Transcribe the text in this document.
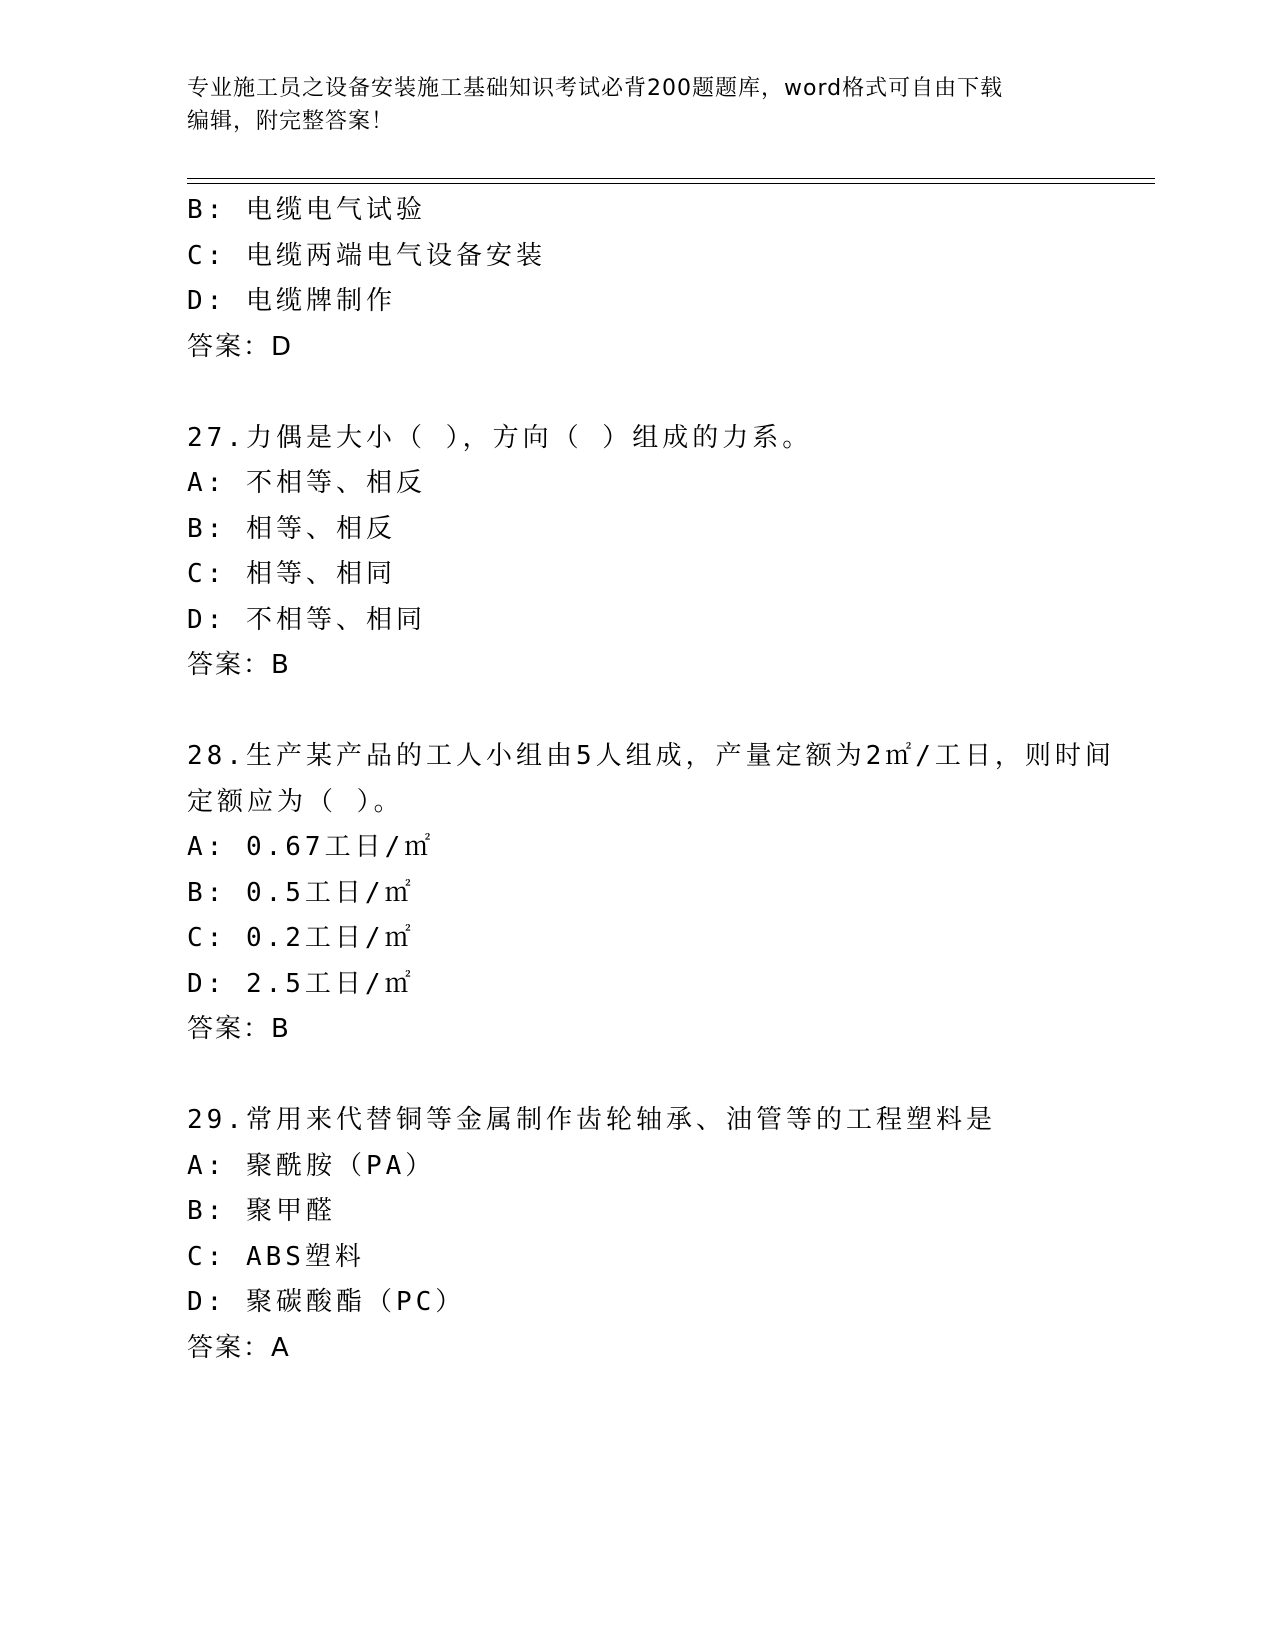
专业施工员之设备安装施工基础知识考试必背200题题库，word格式可自由下载
编辑，附完整答案！
B: 电缆电气试验
C: 电缆两端电气设备安装
D: 电缆牌制作
答案：D
27.力偶是大小（ ），方向（ ）组成的力系。
A: 不相等、相反
B: 相等、相反
C: 相等、相同
D: 不相等、相同
答案：B
28.生产某产品的工人小组由5人组成，产量定额为2㎡/工日，则时间
定额应为（ ）。
A: 0.67工日/㎡
B: 0.5工日/㎡
C: 0.2工日/㎡
D: 2.5工日/㎡
答案：B
29.常用来代替铜等金属制作齿轮轴承、油管等的工程塑料是
A: 聚酰胺（PA）
B: 聚甲醛
C: ABS塑料
D: 聚碳酸酯（PC）
答案：A
